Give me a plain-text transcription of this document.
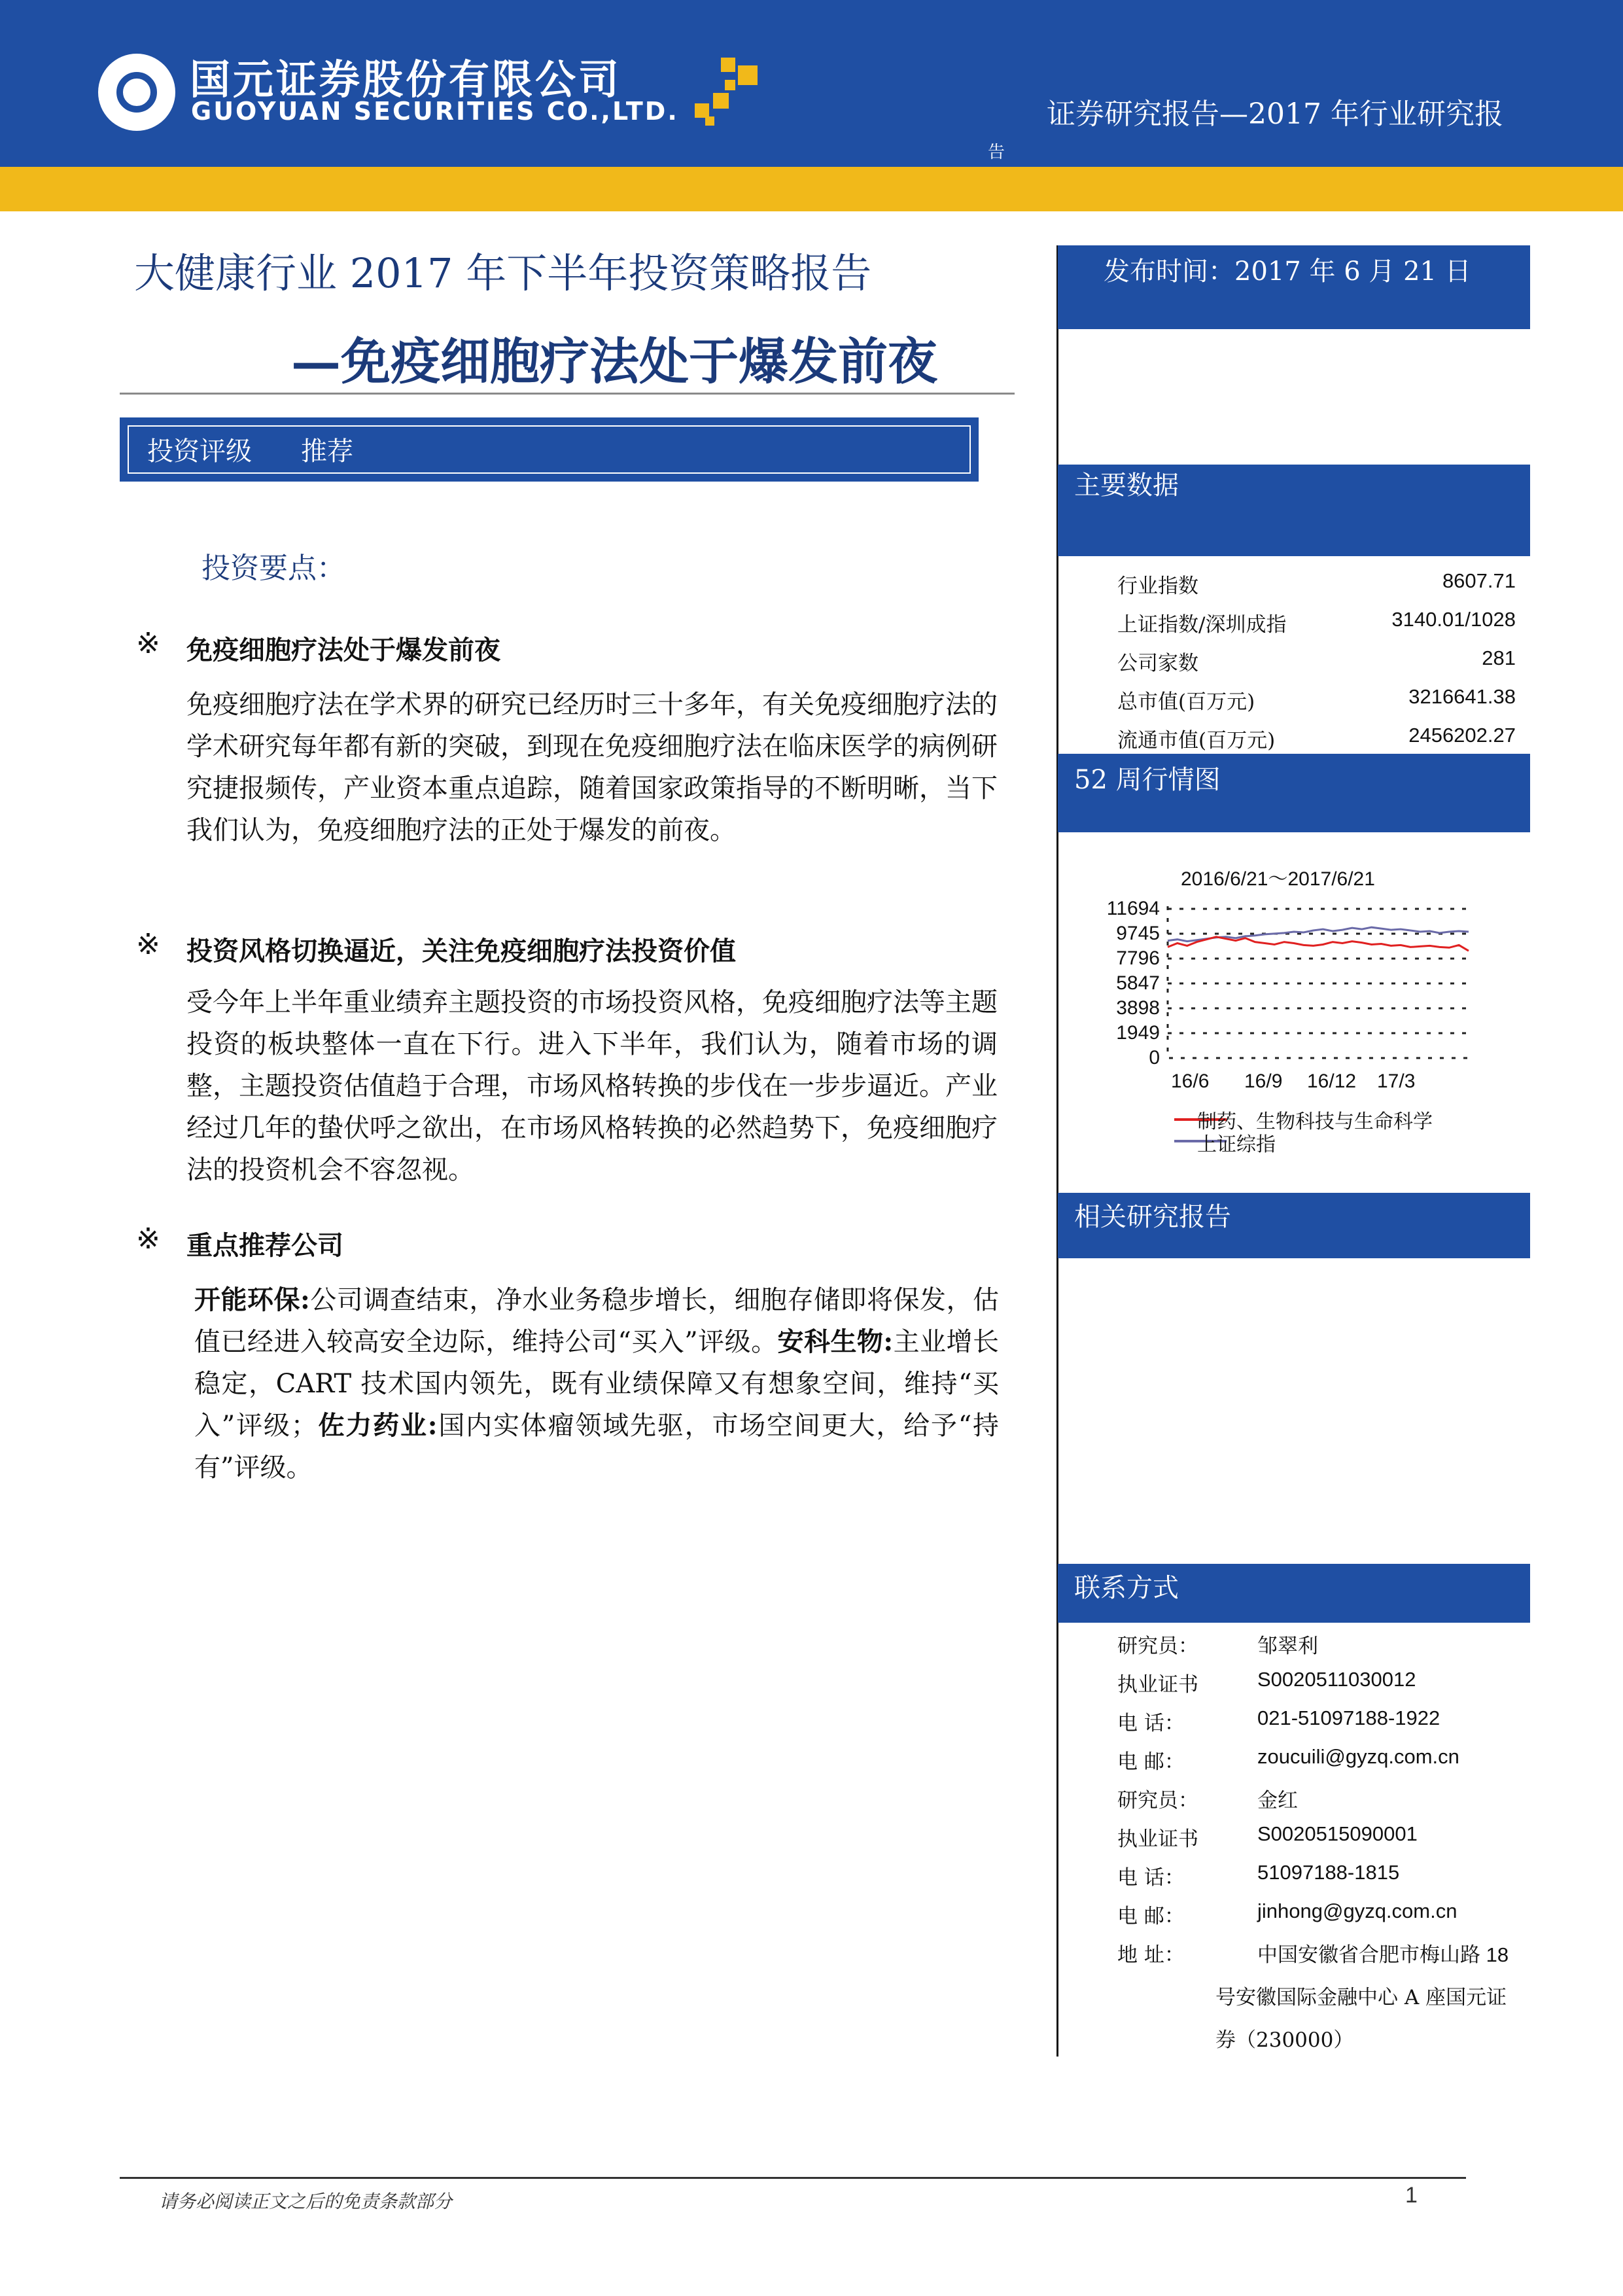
国元证券股份有限公司
GUOYUAN SECURITIES CO.,LTD.	证券研究报告—2017 年行业研究报
告
大健康行业 2017 年下半年投资策略报告
—免疫细胞疗法处于爆发前夜
投资评级 推荐
投资要点：
※ 免疫细胞疗法处于爆发前夜
免疫细胞疗法在学术界的研究已经历时三十多年，有关免疫细胞疗法的学术研究每年都有新的突破，到现在免疫细胞疗法在临床医学的病例研究捷报频传，产业资本重点追踪，随着国家政策指导的不断明晰，当下我们认为，免疫细胞疗法的正处于爆发的前夜。
※ 投资风格切换逼近，关注免疫细胞疗法投资价值
受今年上半年重业绩弃主题投资的市场投资风格，免疫细胞疗法等主题投资的板块整体一直在下行。进入下半年，我们认为，随着市场的调整，主题投资估值趋于合理，市场风格转换的步伐在一步步逼近。产业经过几年的蛰伏呼之欲出，在市场风格转换的必然趋势下，免疫细胞疗法的投资机会不容忽视。
※ 重点推荐公司
开能环保:公司调查结束，净水业务稳步增长，细胞存储即将保发，估值已经进入较高安全边际，维持公司“买入”评级。安科生物:主业增长稳定，CART 技术国内领先，既有业绩保障又有想象空间，维持“买入”评级；佐力药业:国内实体瘤领域先驱，市场空间更大，给予“持有”评级。
发布时间：2017 年 6 月 21 日
主要数据
行业指数	8607.71
上证指数/深圳成指	3140.01/1028
公司家数	281
总市值(百万元)	3216641.38
流通市值(百万元)	2456202.27
52 周行情图
2016/6/21～2017/6/21
0
1949
3898
5847
7796
9745
11694
16/6 16/9 16/12 17/3
制药、生物科技与生命科学
上证综指
相关研究报告
联系方式
研究员：	邹翠利
执业证书	S0020511030012
电 话：	021-51097188-1922
电 邮：	zoucuili@gyzq.com.cn
研究员：	金红
执业证书	S0020515090001
电 话：	51097188-1815
电 邮：	jinhong@gyzq.com.cn
地 址：	中国安徽省合肥市梅山路 18
号安徽国际金融中心 A 座国元证
券（230000）
请务必阅读正文之后的免责条款部分	1
